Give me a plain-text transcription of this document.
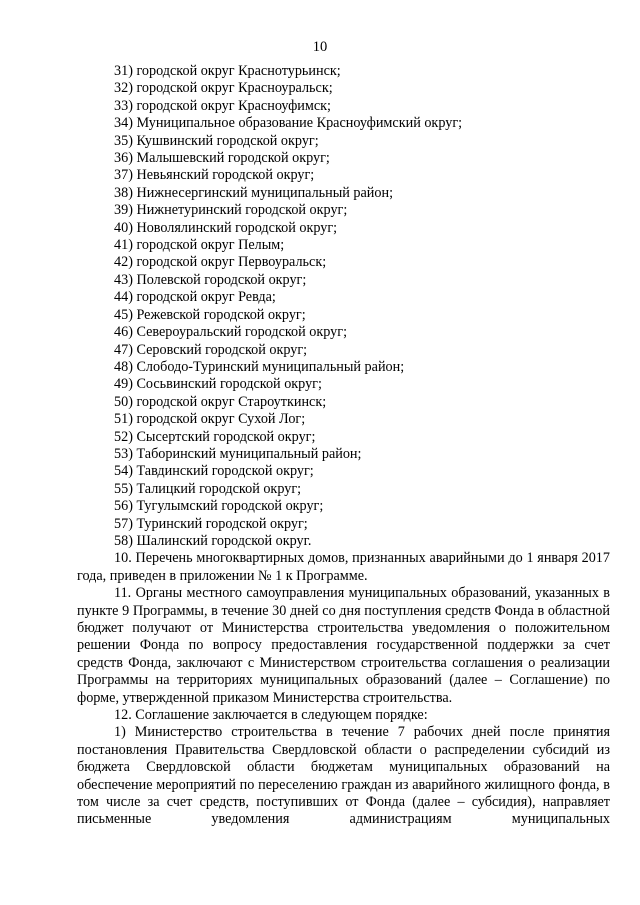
10
31) городской округ Краснотурьинск;
32) городской округ Красноуральск;
33) городской округ Красноуфимск;
34) Муниципальное образование Красноуфимский округ;
35) Кушвинский городской округ;
36) Малышевский городской округ;
37) Невьянский городской округ;
38) Нижнесергинский муниципальный район;
39) Нижнетуринский городской округ;
40) Новолялинский городской округ;
41) городской округ Пелым;
42) городской округ Первоуральск;
43) Полевской городской округ;
44) городской округ Ревда;
45) Режевской городской округ;
46) Североуральский городской округ;
47) Серовский городской округ;
48) Слободо-Туринский муниципальный район;
49) Сосьвинский городской округ;
50) городской округ Староуткинск;
51) городской округ Сухой Лог;
52) Сысертский городской округ;
53) Таборинский муниципальный район;
54) Тавдинский городской округ;
55) Талицкий городской округ;
56) Тугулымский городской округ;
57) Туринский городской округ;
58) Шалинский городской округ.

10. Перечень многоквартирных домов, признанных аварийными до 1 января 2017 года, приведен в приложении № 1 к Программе.

11. Органы местного самоуправления муниципальных образований, указанных в пункте 9 Программы, в течение 30 дней со дня поступления средств Фонда в областной бюджет получают от Министерства строительства уведомления о положительном решении Фонда по вопросу предоставления государственной поддержки за счет средств Фонда, заключают с Министерством строительства соглашения о реализации Программы на территориях муниципальных образований (далее – Соглашение) по форме, утвержденной приказом Министерства строительства.

12. Соглашение заключается в следующем порядке:

1) Министерство строительства в течение 7 рабочих дней после принятия постановления Правительства Свердловской области о распределении субсидий из бюджета Свердловской области бюджетам муниципальных образований на обеспечение мероприятий по переселению граждан из аварийного жилищного фонда, в том числе за счет средств, поступивших от Фонда (далее – субсидия), направляет письменные уведомления администрациям муниципальных
